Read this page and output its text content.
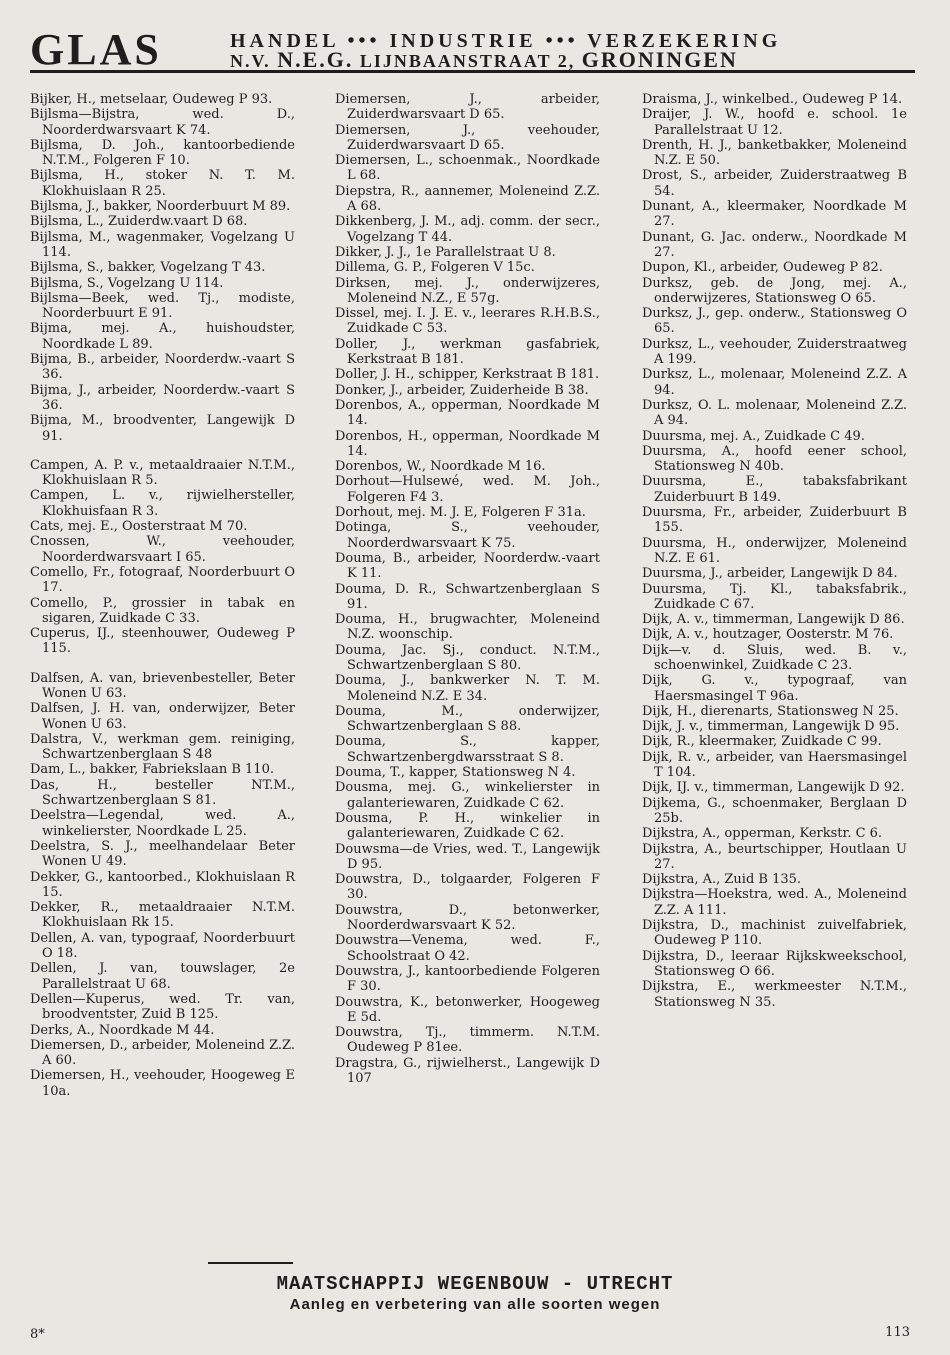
GLAS	HANDEL ••• INDUSTRIE ••• VERZEKERING
N.V. N.E.G. LIJNBAANSTRAAT 2, GRONINGEN
Bijker, H., metselaar, Oudeweg P 93.
Bijlsma—Bijstra, wed. D., Noorderdwarsvaart K 74.
Bijlsma, D. Joh., kantoorbediende N.T.M., Folgeren F 10.
Bijlsma, H., stoker N. T. M. Klokhuislaan R 25.
Bijlsma, J., bakker, Noorderbuurt M 89.
Bijlsma, L., Zuiderdw.vaart D 68.
Bijlsma, M., wagenmaker, Vogelzang U 114.
Bijlsma, S., bakker, Vogelzang T 43.
Bijlsma, S., Vogelzang U 114.
Bijlsma—Beek, wed. Tj., modiste, Noorderbuurt E 91.
Bijma, mej. A., huishoudster, Noordkade L 89.
Bijma, B., arbeider, Noorderdw.-vaart S 36.
Bijma, J., arbeider, Noorderdw.-vaart S 36.
Bijma, M., broodventer, Langewijk D 91.
Campen, A. P. v., metaaldraaier N.T.M., Klokhuislaan R 5.
Campen, L. v., rijwielhersteller, Klokhuisfaan R 3.
Cats, mej. E., Oosterstraat M 70.
Cnossen, W., veehouder, Noorderdwarsvaart I 65.
Comello, Fr., fotograaf, Noorderbuurt O 17.
Comello, P., grossier in tabak en sigaren, Zuidkade C 33.
Cuperus, IJ., steenhouwer, Oudeweg P 115.
Dalfsen, A. van, brievenbesteller, Beter Wonen U 63.
Dalfsen, J. H. van, onderwijzer, Beter Wonen U 63.
Dalstra, V., werkman gem. reiniging, Schwartzenberglaan S 48
Dam, L., bakker, Fabriekslaan B 110.
Das, H., besteller NT.M., Schwartzenberglaan S 81.
Deelstra—Legendal, wed. A., winkelierster, Noordkade L 25.
Deelstra, S. J., meelhandelaar Beter Wonen U 49.
Dekker, G., kantoorbed., Klokhuislaan R 15.
Dekker, R., metaaldraaier N.T.M. Klokhuislaan Rk 15.
Dellen, A. van, typograaf, Noorderbuurt O 18.
Dellen, J. van, touwslager, 2e Parallelstraat U 68.
Dellen—Kuperus, wed. Tr. van, broodventster, Zuid B 125.
Derks, A., Noordkade M 44.
Diemersen, D., arbeider, Moleneind Z.Z. A 60.
Diemersen, H., veehouder, Hoogeweg E 10a.
Diemersen, J., arbeider, Zuiderdwarsvaart D 65.
Diemersen, J., veehouder, Zuiderdwarsvaart D 65.
Diemersen, L., schoenmak., Noordkade L 68.
Diepstra, R., aannemer, Moleneind Z.Z. A 68.
Dikkenberg, J. M., adj. comm. der secr., Vogelzang T 44.
Dikker, J. J., 1e Parallelstraat U 8.
Dillema, G. P., Folgeren V 15c.
Dirksen, mej. J., onderwijzeres, Moleneind N.Z., E 57g.
Dissel, mej. I. J. E. v., leerares R.H.B.S., Zuidkade C 53.
Doller, J., werkman gasfabriek, Kerkstraat B 181.
Doller, J. H., schipper, Kerkstraat B 181.
Donker, J., arbeider, Zuiderheide B 38.
Dorenbos, A., opperman, Noordkade M 14.
Dorenbos, H., opperman, Noordkade M 14.
Dorenbos, W., Noordkade M 16.
Dorhout—Hulsewé, wed. M. Joh., Folgeren F4 3.
Dorhout, mej. M. J. E, Folgeren F 31a.
Dotinga, S., veehouder, Noorderdwarsvaart K 75.
Douma, B., arbeider, Noorderdw.-vaart K 11.
Douma, D. R., Schwartzenberglaan S 91.
Douma, H., brugwachter, Moleneind N.Z. woonschip.
Douma, Jac. Sj., conduct. N.T.M., Schwartzenberglaan S 80.
Douma, J., bankwerker N. T. M. Moleneind N.Z. E 34.
Douma, M., onderwijzer, Schwartzenberglaan S 88.
Douma, S., kapper, Schwartzenbergdwarsstraat S 8.
Douma, T., kapper, Stationsweg N 4.
Dousma, mej. G., winkelierster in galanteriewaren, Zuidkade C 62.
Dousma, P. H., winkelier in galanteriewaren, Zuidkade C 62.
Douwsma—de Vries, wed. T., Langewijk D 95.
Douwstra, D., tolgaarder, Folgeren F 30.
Douwstra, D., betonwerker, Noorderdwarsvaart K 52.
Douwstra—Venema, wed. F., Schoolstraat O 42.
Douwstra, J., kantoorbediende Folgeren F 30.
Douwstra, K., betonwerker, Hoogeweg E 5d.
Douwstra, Tj., timmerm. N.T.M. Oudeweg P 81ee.
Dragstra, G., rijwielherst., Langewijk D 107
Draisma, J., winkelbed., Oudeweg P 14.
Draijer, J. W., hoofd e. school. 1e Parallelstraat U 12.
Drenth, H. J., banketbakker, Moleneind N.Z. E 50.
Drost, S., arbeider, Zuiderstraatweg B 54.
Dunant, A., kleermaker, Noordkade M 27.
Dunant, G. Jac. onderw., Noordkade M 27.
Dupon, Kl., arbeider, Oudeweg P 82.
Durksz, geb. de Jong, mej. A., onderwijzeres, Stationsweg O 65.
Durksz, J., gep. onderw., Stationsweg O 65.
Durksz, L., veehouder, Zuiderstraatweg A 199.
Durksz, L., molenaar, Moleneind Z.Z. A 94.
Durksz, O. L. molenaar, Moleneind Z.Z. A 94.
Duursma, mej. A., Zuidkade C 49.
Duursma, A., hoofd eener school, Stationsweg N 40b.
Duursma, E., tabaksfabrikant Zuiderbuurt B 149.
Duursma, Fr., arbeider, Zuiderbuurt B 155.
Duursma, H., onderwijzer, Moleneind N.Z. E 61.
Duursma, J., arbeider, Langewijk D 84.
Duursma, Tj. Kl., tabaksfabrik., Zuidkade C 67.
Dijk, A. v., timmerman, Langewijk D 86.
Dijk, A. v., houtzager, Oosterstr. M 76.
Dijk—v. d. Sluis, wed. B. v., schoenwinkel, Zuidkade C 23.
Dijk, G. v., typograaf, van Haersmasingel T 96a.
Dijk, H., dierenarts, Stationsweg N 25.
Dijk, J. v., timmerman, Langewijk D 95.
Dijk, R., kleermaker, Zuidkade C 99.
Dijk, R. v., arbeider, van Haersmasingel T 104.
Dijk, IJ. v., timmerman, Langewijk D 92.
Dijkema, G., schoenmaker, Berglaan D 25b.
Dijkstra, A., opperman, Kerkstr. C 6.
Dijkstra, A., beurtschipper, Houtlaan U 27.
Dijkstra, A., Zuid B 135.
Dijkstra—Hoekstra, wed. A., Moleneind Z.Z. A 111.
Dijkstra, D., machinist zuivelfabriek, Oudeweg P 110.
Dijkstra, D., leeraar Rijkskweekschool, Stationsweg O 66.
Dijkstra, E., werkmeester N.T.M., Stationsweg N 35.
MAATSCHAPPIJ WEGENBOUW - UTRECHT
Aanleg en verbetering van alle soorten wegen
8*	113
